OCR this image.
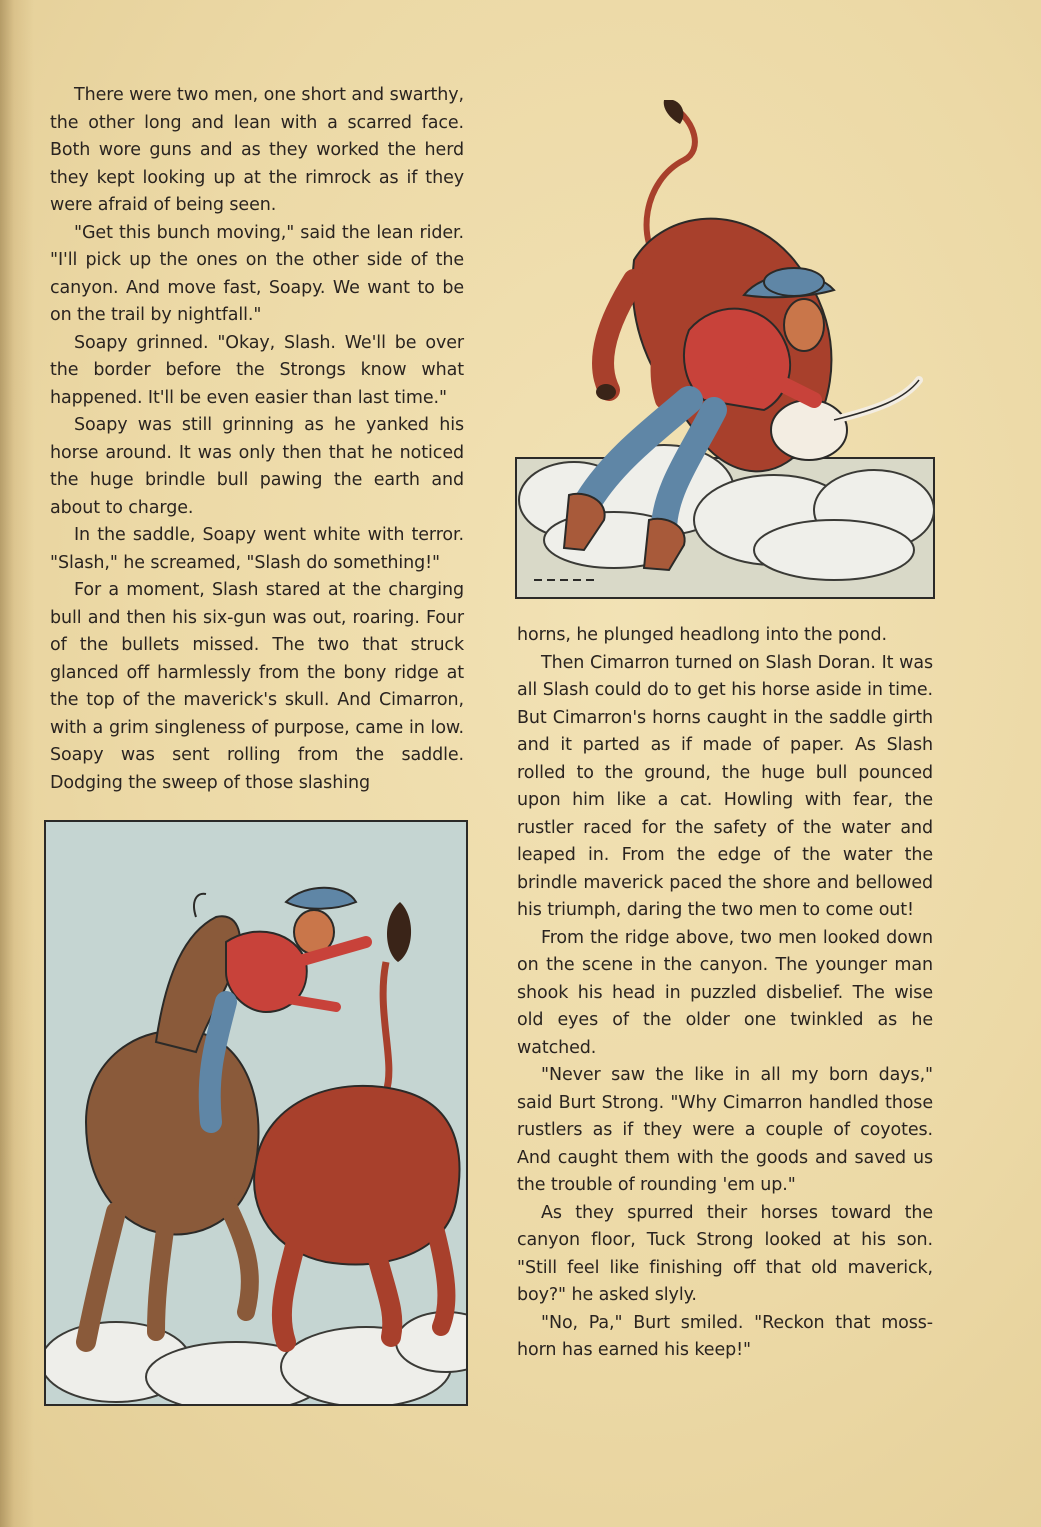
There were two men, one short and swarthy, the other long and lean with a scarred face. Both wore guns and as they worked the herd they kept looking up at the rimrock as if they were afraid of being seen.

"Get this bunch moving," said the lean rider. "I'll pick up the ones on the other side of the canyon. And move fast, Soapy. We want to be on the trail by nightfall."

Soapy grinned. "Okay, Slash. We'll be over the border before the Strongs know what happened. It'll be even easier than last time."

Soapy was still grinning as he yanked his horse around. It was only then that he noticed the huge brindle bull pawing the earth and about to charge.

In the saddle, Soapy went white with terror. "Slash," he screamed, "Slash do something!"

For a moment, Slash stared at the charging bull and then his six-gun was out, roaring. Four of the bullets missed. The two that struck glanced off harmlessly from the bony ridge at the top of the maverick's skull. And Cimarron, with a grim singleness of purpose, came in low. Soapy was sent rolling from the saddle. Dodging the sweep of those slashing

horns, he plunged headlong into the pond.

Then Cimarron turned on Slash Doran. It was all Slash could do to get his horse aside in time. But Cimarron's horns caught in the saddle girth and it parted as if made of paper. As Slash rolled to the ground, the huge bull pounced upon him like a cat. Howling with fear, the rustler raced for the safety of the water and leaped in. From the edge of the water the brindle maverick paced the shore and bellowed his triumph, daring the two men to come out!

From the ridge above, two men looked down on the scene in the canyon. The younger man shook his head in puzzled disbelief. The wise old eyes of the older one twinkled as he watched.

"Never saw the like in all my born days," said Burt Strong. "Why Cimarron handled those rustlers as if they were a couple of coyotes. And caught them with the goods and saved us the trouble of rounding 'em up."

As they spurred their horses toward the canyon floor, Tuck Strong looked at his son. "Still feel like finishing off that old maverick, boy?" he asked slyly.

"No, Pa," Burt smiled. "Reckon that moss-horn has earned his keep!"
